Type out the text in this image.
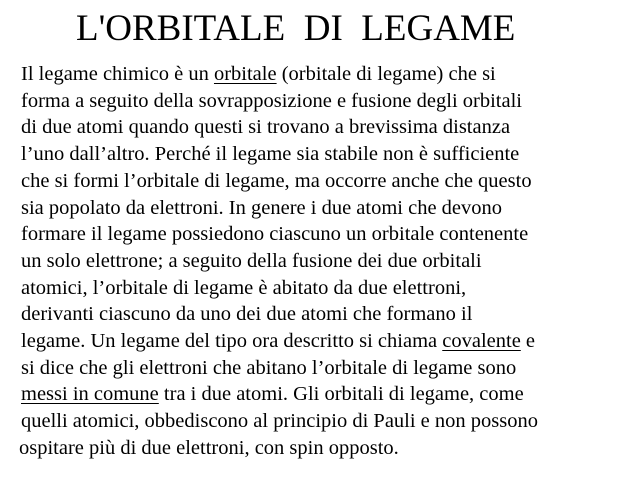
L'ORBITALE  DI  LEGAME
Il legame chimico è un orbitale (orbitale di legame) che si
forma a seguito della sovrapposizione e fusione degli orbitali
di due atomi quando questi si trovano a brevissima distanza
l’uno dall’altro. Perché il legame sia stabile non è sufficiente
che si formi l’orbitale di legame, ma occorre anche che questo
sia popolato da elettroni. In genere i due atomi che devono
formare il legame possiedono ciascuno un orbitale contenente
un solo elettrone; a seguito della fusione dei due orbitali
atomici, l’orbitale di legame è abitato da due elettroni,
derivanti ciascuno da uno dei due atomi che formano il
legame. Un legame del tipo ora descritto si chiama covalente e
si dice che gli elettroni che abitano l’orbitale di legame sono
messi in comune tra i due atomi. Gli orbitali di legame, come
quelli atomici, obbediscono al principio di Pauli e non possono
ospitare più di due elettroni, con spin opposto.
